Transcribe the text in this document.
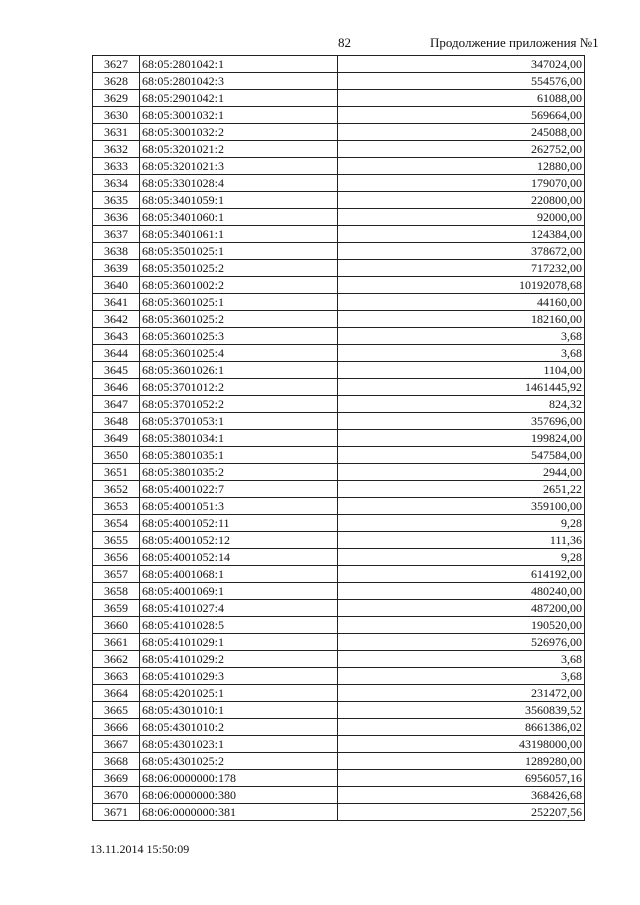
82	Продолжение приложения №1
3627	68:05:2801042:1	347024,00
3628	68:05:2801042:3	554576,00
3629	68:05:2901042:1	61088,00
3630	68:05:3001032:1	569664,00
3631	68:05:3001032:2	245088,00
3632	68:05:3201021:2	262752,00
3633	68:05:3201021:3	12880,00
3634	68:05:3301028:4	179070,00
3635	68:05:3401059:1	220800,00
3636	68:05:3401060:1	92000,00
3637	68:05:3401061:1	124384,00
3638	68:05:3501025:1	378672,00
3639	68:05:3501025:2	717232,00
3640	68:05:3601002:2	10192078,68
3641	68:05:3601025:1	44160,00
3642	68:05:3601025:2	182160,00
3643	68:05:3601025:3	3,68
3644	68:05:3601025:4	3,68
3645	68:05:3601026:1	1104,00
3646	68:05:3701012:2	1461445,92
3647	68:05:3701052:2	824,32
3648	68:05:3701053:1	357696,00
3649	68:05:3801034:1	199824,00
3650	68:05:3801035:1	547584,00
3651	68:05:3801035:2	2944,00
3652	68:05:4001022:7	2651,22
3653	68:05:4001051:3	359100,00
3654	68:05:4001052:11	9,28
3655	68:05:4001052:12	111,36
3656	68:05:4001052:14	9,28
3657	68:05:4001068:1	614192,00
3658	68:05:4001069:1	480240,00
3659	68:05:4101027:4	487200,00
3660	68:05:4101028:5	190520,00
3661	68:05:4101029:1	526976,00
3662	68:05:4101029:2	3,68
3663	68:05:4101029:3	3,68
3664	68:05:4201025:1	231472,00
3665	68:05:4301010:1	3560839,52
3666	68:05:4301010:2	8661386,02
3667	68:05:4301023:1	43198000,00
3668	68:05:4301025:2	1289280,00
3669	68:06:0000000:178	6956057,16
3670	68:06:0000000:380	368426,68
3671	68:06:0000000:381	252207,56
13.11.2014 15:50:09
